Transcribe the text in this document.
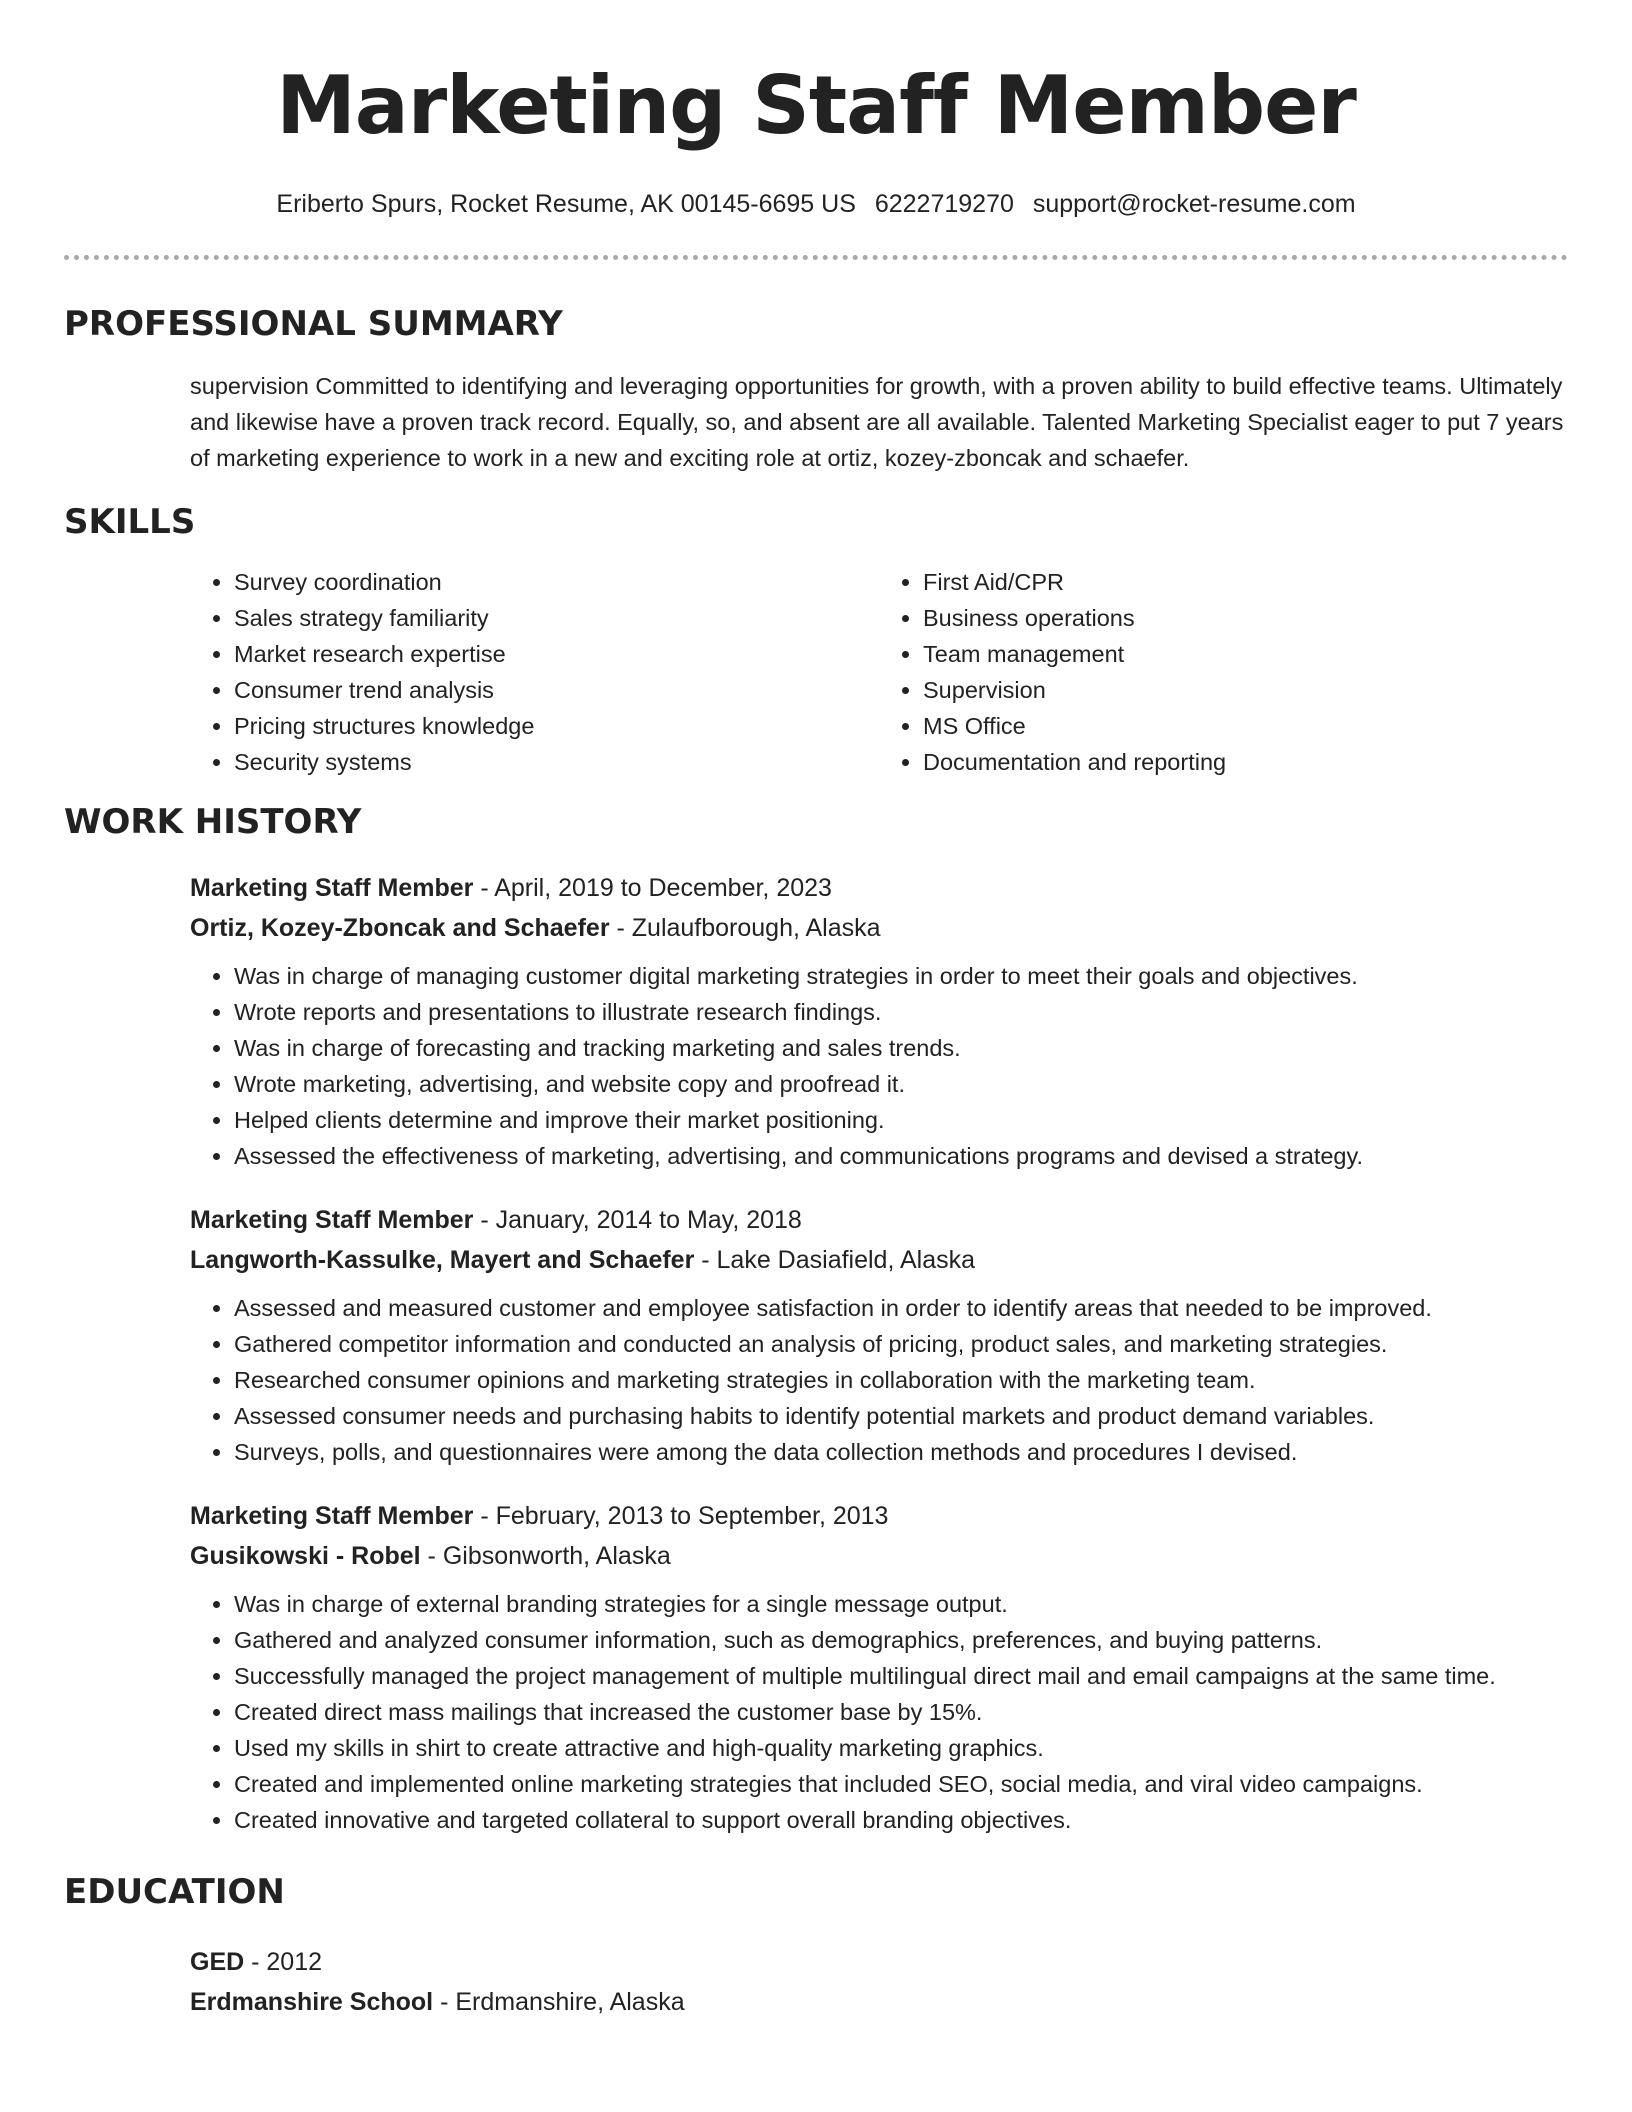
Marketing Staff Member
Eriberto Spurs, Rocket Resume, AK 00145-6695 US 6222719270 support@rocket-resume.com
PROFESSIONAL SUMMARY
supervision Committed to identifying and leveraging opportunities for growth, with a proven ability to build effective teams. Ultimately and likewise have a proven track record. Equally, so, and absent are all available. Talented Marketing Specialist eager to put 7 years of marketing experience to work in a new and exciting role at ortiz, kozey-zboncak and schaefer.
SKILLS
• Survey coordination
• Sales strategy familiarity
• Market research expertise
• Consumer trend analysis
• Pricing structures knowledge
• Security systems
• First Aid/CPR
• Business operations
• Team management
• Supervision
• MS Office
• Documentation and reporting
WORK HISTORY
Marketing Staff Member - April, 2019 to December, 2023
Ortiz, Kozey-Zboncak and Schaefer - Zulaufborough, Alaska
• Was in charge of managing customer digital marketing strategies in order to meet their goals and objectives.
• Wrote reports and presentations to illustrate research findings.
• Was in charge of forecasting and tracking marketing and sales trends.
• Wrote marketing, advertising, and website copy and proofread it.
• Helped clients determine and improve their market positioning.
• Assessed the effectiveness of marketing, advertising, and communications programs and devised a strategy.
Marketing Staff Member - January, 2014 to May, 2018
Langworth-Kassulke, Mayert and Schaefer - Lake Dasiafield, Alaska
• Assessed and measured customer and employee satisfaction in order to identify areas that needed to be improved.
• Gathered competitor information and conducted an analysis of pricing, product sales, and marketing strategies.
• Researched consumer opinions and marketing strategies in collaboration with the marketing team.
• Assessed consumer needs and purchasing habits to identify potential markets and product demand variables.
• Surveys, polls, and questionnaires were among the data collection methods and procedures I devised.
Marketing Staff Member - February, 2013 to September, 2013
Gusikowski - Robel - Gibsonworth, Alaska
• Was in charge of external branding strategies for a single message output.
• Gathered and analyzed consumer information, such as demographics, preferences, and buying patterns.
• Successfully managed the project management of multiple multilingual direct mail and email campaigns at the same time.
• Created direct mass mailings that increased the customer base by 15%.
• Used my skills in shirt to create attractive and high-quality marketing graphics.
• Created and implemented online marketing strategies that included SEO, social media, and viral video campaigns.
• Created innovative and targeted collateral to support overall branding objectives.
EDUCATION
GED - 2012
Erdmanshire School - Erdmanshire, Alaska
